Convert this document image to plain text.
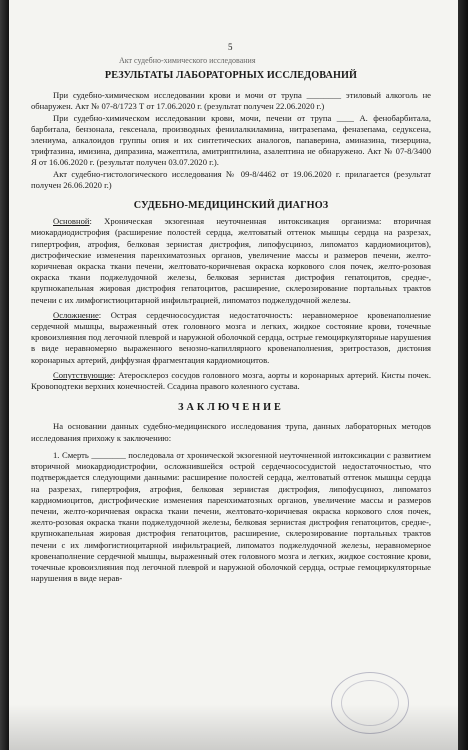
5
Акт судебно-химического исследования
РЕЗУЛЬТАТЫ ЛАБОРАТОРНЫХ ИССЛЕДОВАНИЙ

При судебно-химическом исследовании крови и мочи от трупа ________ этиловый алкоголь не обнаружен. Акт № 07-8/1723 Т от 17.06.2020 г. (результат получен 22.06.2020 г.)

При судебно-химическом исследовании крови, мочи, печени от трупа ____ А. фенобарбитала, барбитала, бензонала, гексенала, производных фенилалкиламина, нитразепама, феназепама, седуксена, элениума, алкалоидов группы опия и их синтетических аналогов, папаверина, аминазина, тизерцина, трифтазина, имизина, дипразина, мажептила, амитриптилина, азалептина не обнаружено. Акт № 07-8/3400 Я от 16.06.2020 г. (результат получен 03.07.2020 г.).

Акт судебно-гистологического исследования № 09-8/4462 от 19.06.2020 г. прилагается (результат получен 26.06.2020 г.)

СУДЕБНО-МЕДИЦИНСКИЙ ДИАГНОЗ

Основной: Хроническая экзогенная неуточненная интоксикация организма: вторичная миокардиодистрофия (расширение полостей сердца, желтоватый оттенок мышцы сердца на разрезах, гипертрофия, атрофия, белковая зернистая дистрофия, липофусциноз, липоматоз кардиомиоцитов), дистрофические изменения паренхиматозных органов, увеличение массы и размеров печени, желто-коричневая окраска ткани печени, желтовато-коричневая окраска коркового слоя почек, желто-розовая окраска ткани поджелудочной железы, белковая зернистая дистрофия гепатоцитов, средне-, крупнокапельная жировая дистрофия гепатоцитов, расширение, склерозирование портальных трактов печени с их лимфогистиоцитарной инфильтрацией, липоматоз поджелудочной железы.

Осложнение: Острая сердечнососудистая недостаточность: неравномерное кровенаполнение сердечной мышцы, выраженный отек головного мозга и легких, жидкое состояние крови, точечные кровоизлияния под легочной плеврой и наружной оболочкой сердца, острые гемоциркуляторные нарушения в виде неравномерно выраженного венозно-капиллярного кровенаполнения, эритростазов, дистония коронарных артерий, диффузная фрагментация кардиомиоцитов.

Сопутствующие: Атеросклероз сосудов головного мозга, аорты и коронарных артерий. Кисты почек. Кровоподтеки верхних конечностей. Ссадина правого коленного сустава.

ЗАКЛЮЧЕНИЕ

На основании данных судебно-медицинского исследования трупа, данных лабораторных методов исследования прихожу к заключению:

1. Смерть ________ последовала от хронической экзогенной неуточненной интоксикации с развитием вторичной миокардиодистрофии, осложнившейся острой сердечнососудистой недостаточностью, что подтверждается следующими данными: расширение полостей сердца, желтоватый оттенок мышцы сердца на разрезах, гипертрофия, атрофия, белковая зернистая дистрофия, липофусциноз, липоматоз кардиомиоцитов, дистрофические изменения паренхиматозных органов, увеличение массы и размеров печени, желто-коричневая окраска ткани печени, желтовато-коричневая окраска коркового слоя почек, желто-розовая окраска ткани поджелудочной железы, белковая зернистая дистрофия гепатоцитов, средне-, крупнокапельная жировая дистрофия гепатоцитов, расширение, склерозирование портальных трактов печени с их лимфогистиоцитарной инфильтрацией, липоматоз поджелудочной железы, неравномерное кровенаполнение сердечной мышцы, выраженный отек головного мозга и легких, жидкое состояние крови, точечные кровоизлияния под легочной плеврой и наружной оболочкой сердца, острые гемоциркуляторные нарушения в виде нерав-
